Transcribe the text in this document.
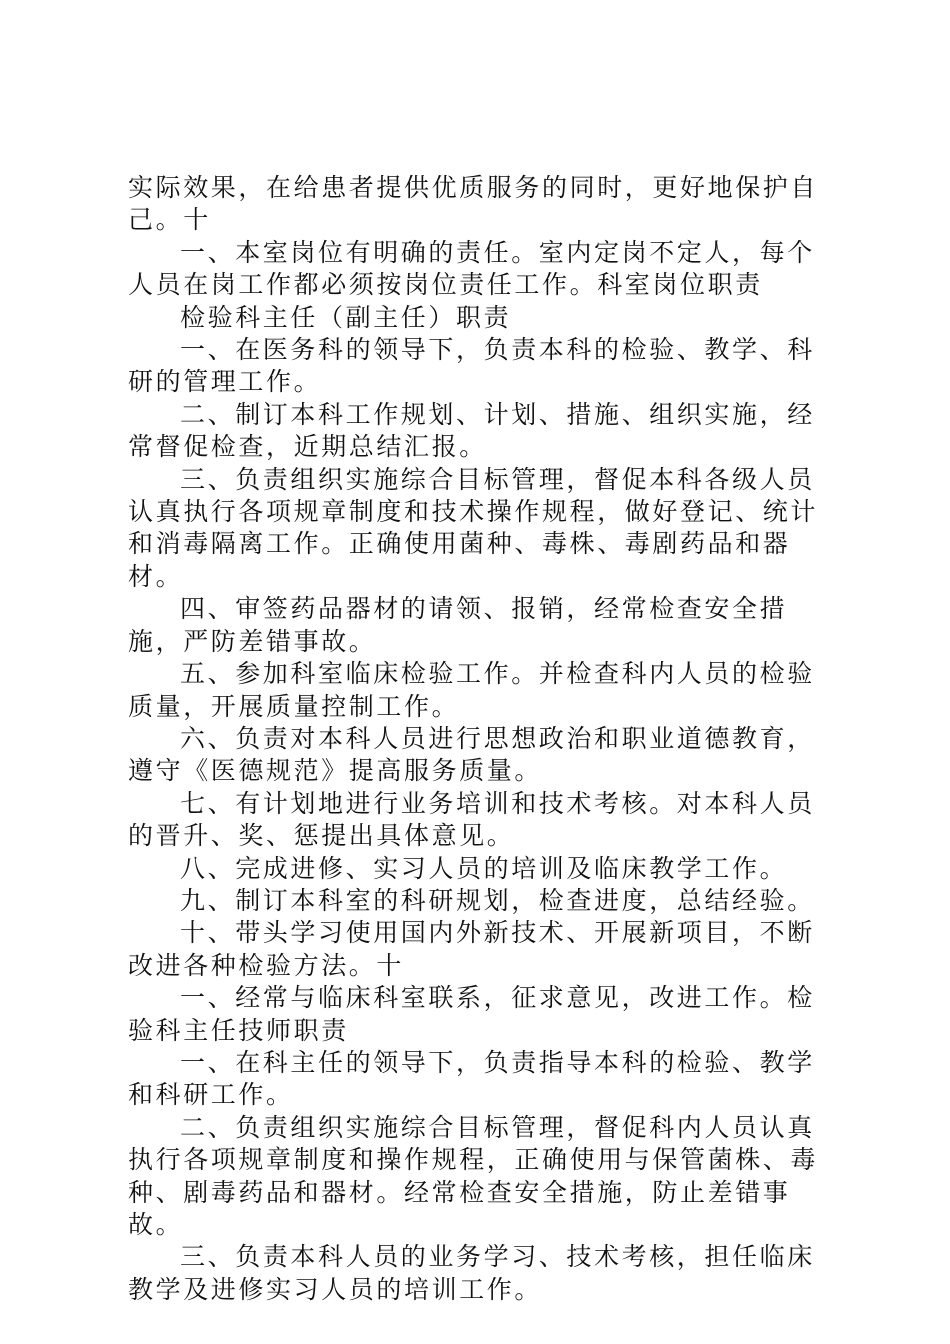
实际效果，在给患者提供优质服务的同时，更好地保护自己。十

一、本室岗位有明确的责任。室内定岗不定人，每个人员在岗工作都必须按岗位责任工作。科室岗位职责

检验科主任（副主任）职责

一、在医务科的领导下，负责本科的检验、教学、科研的管理工作。

二、制订本科工作规划、计划、措施、组织实施，经常督促检查，近期总结汇报。

三、负责组织实施综合目标管理，督促本科各级人员认真执行各项规章制度和技术操作规程，做好登记、统计和消毒隔离工作。正确使用菌种、毒株、毒剧药品和器材。

四、审签药品器材的请领、报销，经常检查安全措施，严防差错事故。

五、参加科室临床检验工作。并检查科内人员的检验质量，开展质量控制工作。

六、负责对本科人员进行思想政治和职业道德教育，遵守《医德规范》提高服务质量。

七、有计划地进行业务培训和技术考核。对本科人员的晋升、奖、惩提出具体意见。

八、完成进修、实习人员的培训及临床教学工作。

九、制订本科室的科研规划，检查进度，总结经验。

十、带头学习使用国内外新技术、开展新项目，不断改进各种检验方法。十

一、经常与临床科室联系，征求意见，改进工作。检验科主任技师职责

一、在科主任的领导下，负责指导本科的检验、教学和科研工作。

二、负责组织实施综合目标管理，督促科内人员认真执行各项规章制度和操作规程，正确使用与保管菌株、毒种、剧毒药品和器材。经常检查安全措施，防止差错事故。

三、负责本科人员的业务学习、技术考核，担任临床教学及进修实习人员的培训工作。
